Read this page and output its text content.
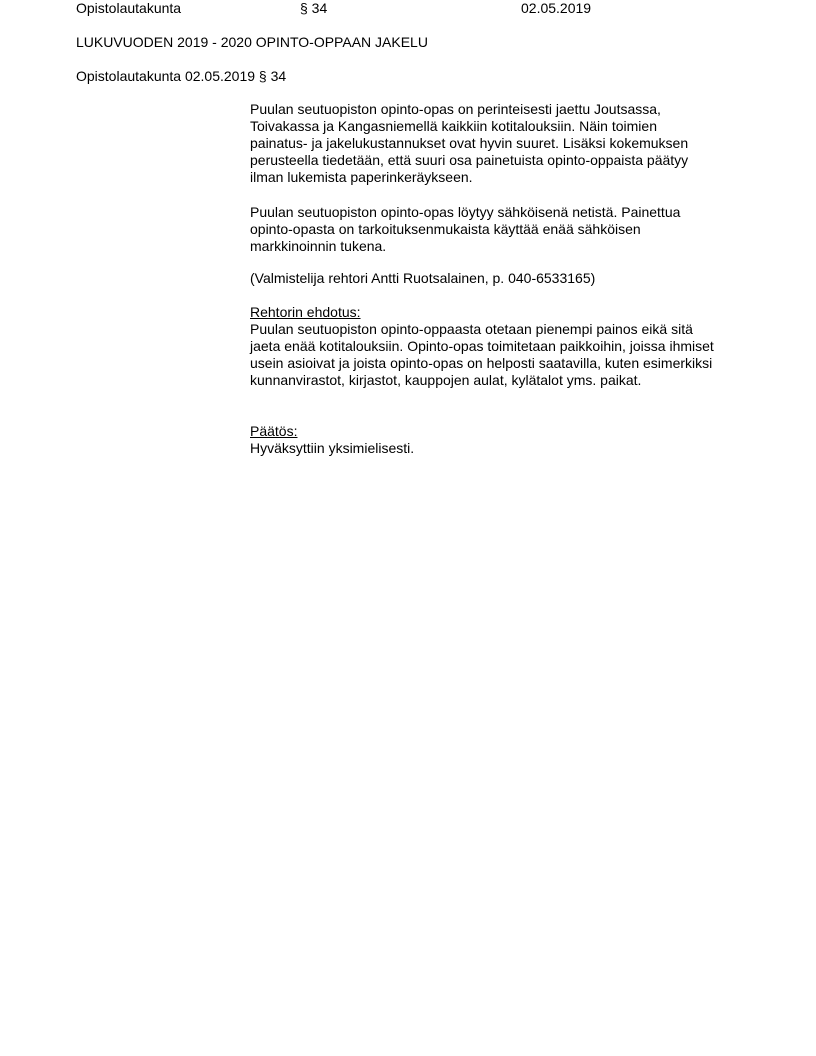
Opistolautakunta	§ 34	02.05.2019
LUKUVUODEN 2019 - 2020 OPINTO-OPPAAN JAKELU
Opistolautakunta 02.05.2019 § 34
Puulan seutuopiston opinto-opas on perinteisesti jaettu Joutsassa,
Toivakassa ja Kangasniemellä kaikkiin kotitalouksiin. Näin toimien
painatus- ja jakelukustannukset ovat hyvin suuret. Lisäksi kokemuksen
perusteella tiedetään, että suuri osa painetuista opinto-oppaista päätyy
ilman lukemista paperinkeräykseen.
Puulan seutuopiston opinto-opas löytyy sähköisenä netistä. Painettua
opinto-opasta on tarkoituksenmukaista käyttää enää sähköisen
markkinoinnin tukena.
(Valmistelija rehtori Antti Ruotsalainen, p. 040-6533165)
Rehtorin ehdotus:
Puulan seutuopiston opinto-oppaasta otetaan pienempi painos eikä sitä
jaeta enää kotitalouksiin. Opinto-opas toimitetaan paikkoihin, joissa ihmiset
usein asioivat ja joista opinto-opas on helposti saatavilla, kuten esimerkiksi
kunnanvirastot, kirjastot, kauppojen aulat, kylätalot yms. paikat.
Päätös:
Hyväksyttiin yksimielisesti.
